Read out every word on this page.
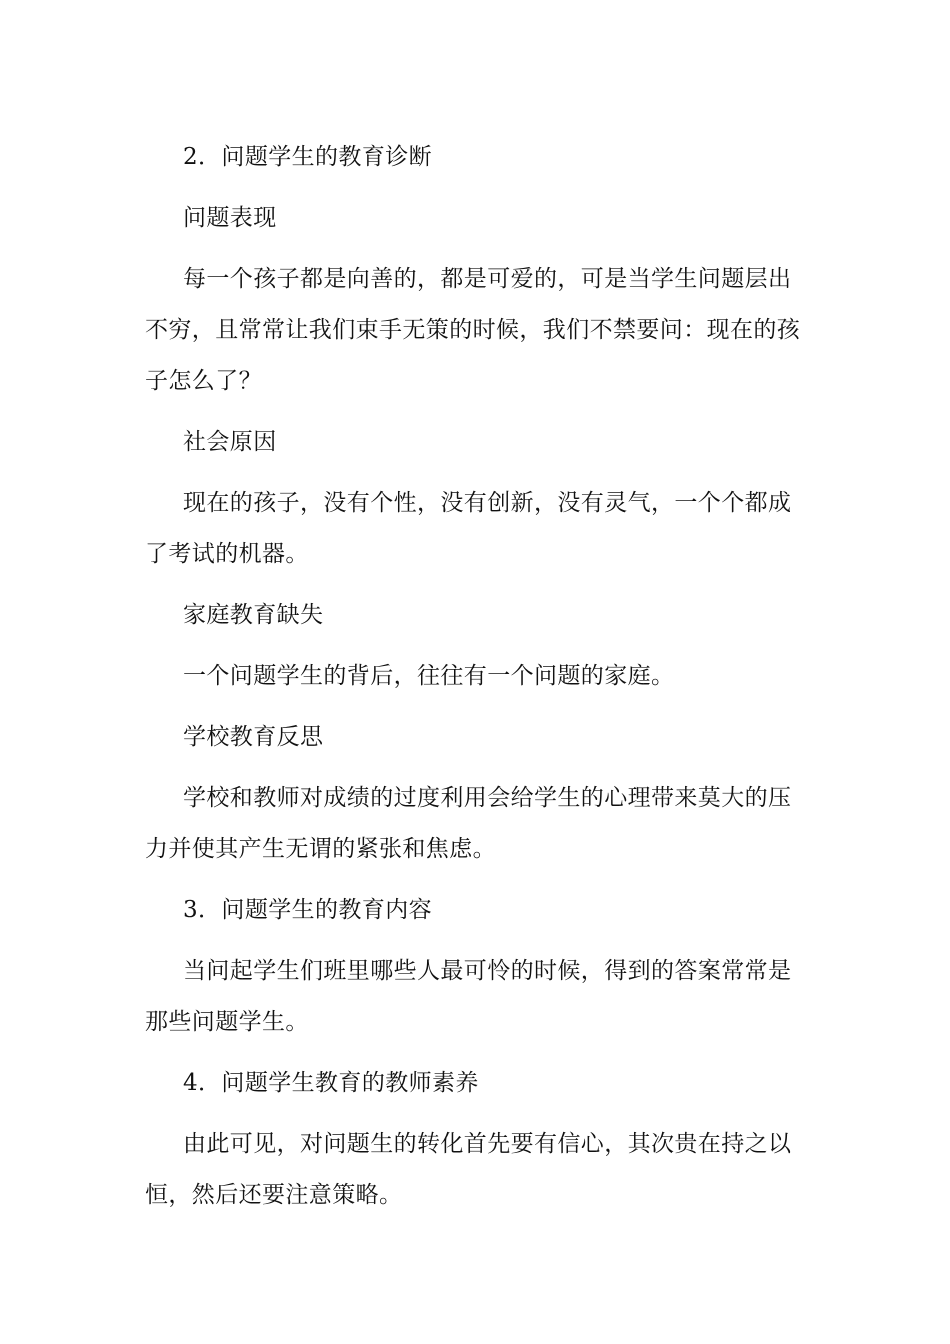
2．问题学生的教育诊断

问题表现

每一个孩子都是向善的，都是可爱的，可是当学生问题层出不穷，且常常让我们束手无策的时候，我们不禁要问：现在的孩子怎么了？

社会原因

现在的孩子，没有个性，没有创新，没有灵气，一个个都成了考试的机器。

家庭教育缺失

一个问题学生的背后，往往有一个问题的家庭。

学校教育反思

学校和教师对成绩的过度利用会给学生的心理带来莫大的压力并使其产生无谓的紧张和焦虑。

3．问题学生的教育内容

当问起学生们班里哪些人最可怜的时候，得到的答案常常是那些问题学生。

4．问题学生教育的教师素养

由此可见，对问题生的转化首先要有信心，其次贵在持之以恒，然后还要注意策略。
